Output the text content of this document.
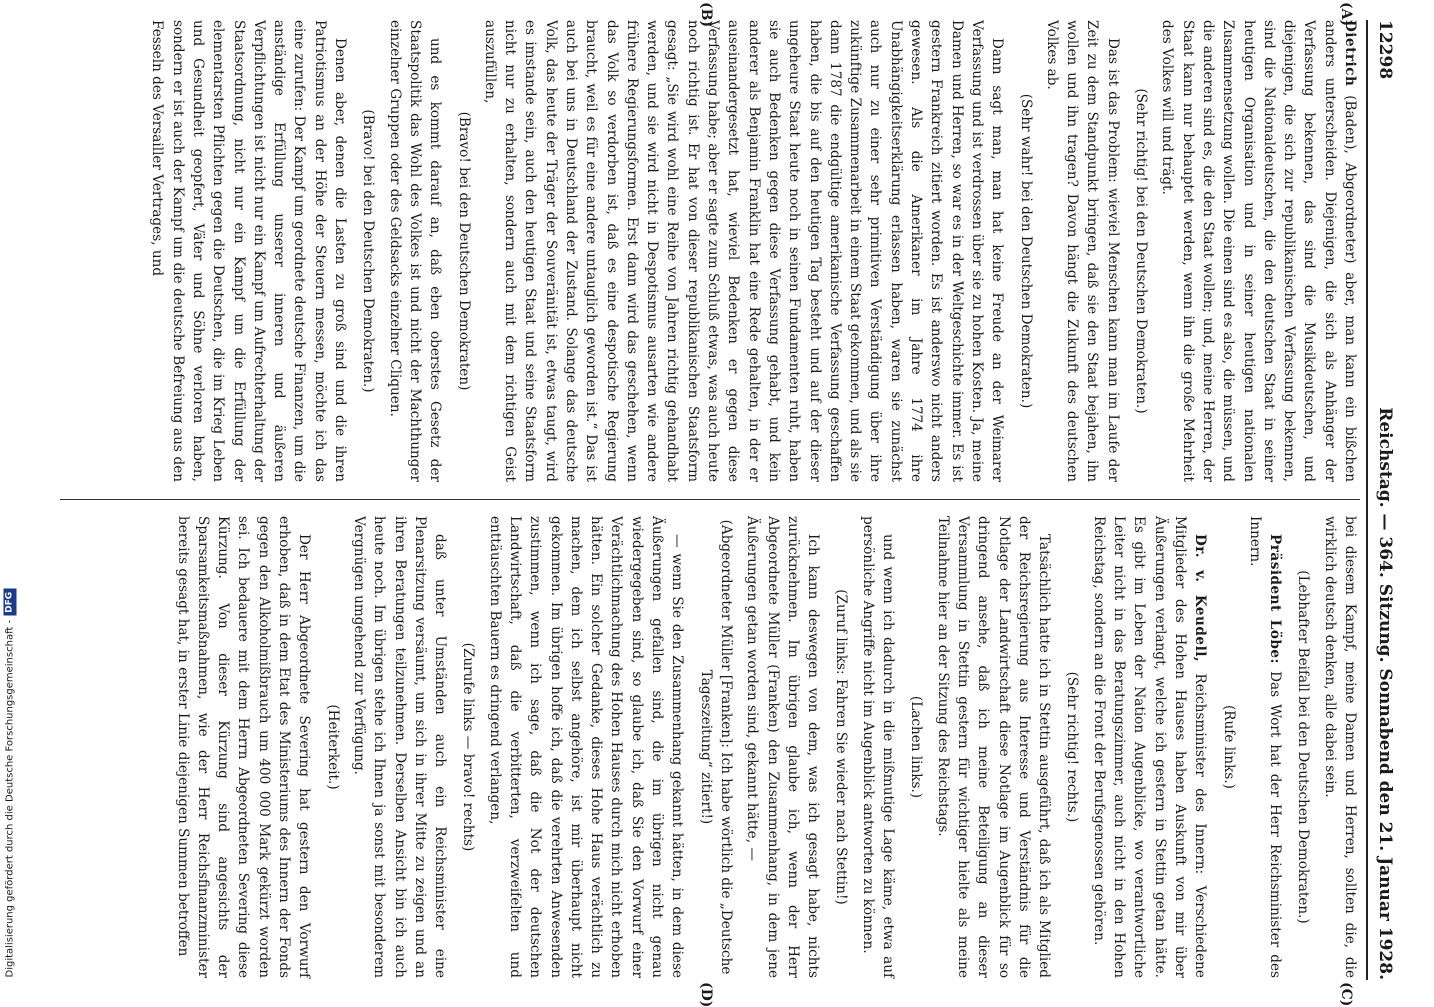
Digitalisierung gefördert durch die Deutsche Forschungsgemeinschaft -
DFG
12298
Reichstag. — 364. Sitzung. Sonnabend den 21. Januar 1928.
(A)
(B)
(C)
(D)

Dietrich (Baden), Abgeordneter) aber, man kann ein bißchen anders unterscheiden. Diejenigen, die sich als Anhänger der Verfassung bekennen, das sind die Musikdeutschen, und diejenigen, die sich zur republikanischen Verfassung bekennen, sind die Nationaldeutschen, die den deutschen Staat in seiner heutigen Organisation und in seiner heutigen nationalen Zusammensetzung wollen. Die einen sind es also, die müssen, und die anderen sind es, die den Staat wollen; und, meine Herren, der Staat kann nur behauptet werden, wenn ihn die große Mehrheit des Volkes will und trägt.

(Sehr richtig! bei den Deutschen Demokraten.)

Das ist das Problem: wieviel Menschen kann man im Laufe der Zeit zu dem Standpunkt bringen, daß sie den Staat bejahen, ihn wollen und ihn tragen? Davon hängt die Zukunft des deutschen Volkes ab.

(Sehr wahr! bei den Deutschen Demokraten.)

Dann sagt man, man hat keine Freude an der Weimarer Verfassung und ist verdrossen über sie zu hohen Kosten. Ja, meine Damen und Herren, so war es in der Weltgeschichte immer. Es ist gestern Frankreich zitiert worden. Es ist anderswo nicht anders gewesen. Als die Amerikaner im Jahre 1774 ihre Unabhängigkeitserklärung erlassen haben, waren sie zunächst auch nur zu einer sehr primitiven Verständigung über ihre zukünftige Zusammenarbeit in einem Staat gekommen, und als sie dann 1787 die endgültige amerikanische Verfassung geschaffen haben, die bis auf den heutigen Tag besteht und auf der dieser ungeheure Staat heute noch in seinen Fundamenten ruht, haben sie auch Bedenken gegen diese Verfassung gehabt, und kein anderer als Benjamin Franklin hat eine Rede gehalten, in der er auseinandergesetzt hat, wieviel Bedenken er gegen diese Verfassung habe; aber er sagte zum Schluß etwas, was auch heute noch richtig ist. Er hat von dieser republikanischen Staatsform gesagt: „Sie wird wohl eine Reihe von Jahren richtig gehandhabt werden, und sie wird nicht in Despotismus ausarten wie andere frühere Regierungsformen. Erst dann wird das geschehen, wenn das Volk so verdorben ist, daß es eine despotische Regierung braucht, weil es für eine andere untauglich geworden ist.“ Das ist auch bei uns in Deutschland der Zustand. Solange das deutsche Volk, das heute der Träger der Souveränität ist, etwas taugt, wird es imstande sein, auch den heutigen Staat und seine Staatsform nicht nur zu erhalten, sondern auch mit dem richtigen Geist auszufüllen,

(Bravo! bei den Deutschen Demokraten)

und es kommt darauf an, daß eben oberstes Gesetz der Staatspolitik das Wohl des Volkes ist und nicht der Machthunger einzelner Gruppen oder des Geldsacks einzelner Cliquen.

(Bravo! bei den Deutschen Demokraten.)

Denen aber, denen die Lasten zu groß sind und die ihren Patriotismus an der Höhe der Steuern messen, möchte ich das eine zurufen: Der Kampf um geordnete deutsche Finanzen, um die anständige Erfüllung unserer inneren und äußeren Verpflichtungen ist nicht nur ein Kampf um Aufrechterhaltung der Staatsordnung, nicht nur ein Kampf um die Erfüllung der elementarsten Pflichten gegen die Deutschen, die im Krieg Leben und Gesundheit geopfert, Väter und Söhne verloren haben, sondern er ist auch der Kampf um die deutsche Befreiung aus den Fesseln des Versailler Vertrages, und

bei diesem Kampf, meine Damen und Herren, sollten die, die wirklich deutsch denken, alle dabei sein.

(Lebhafter Beifall bei den Deutschen Demokraten.)

Präsident Löbe: Das Wort hat der Herr Reichsminister des Innern.

(Rufe links.)

Dr. v. Keudell, Reichsminister des Innern: Verschiedene Mitglieder des Hohen Hauses haben Auskunft von mir über Äußerungen verlangt, welche ich gestern in Stettin getan hätte. Es gibt im Leben der Nation Augenblicke, wo verantwortliche Leiter nicht in das Beratungszimmer, auch nicht in den Hohen Reichstag, sondern an die Front der Berufsgenossen gehören.

(Sehr richtig! rechts.)

Tatsächlich hatte ich in Stettin ausgeführt, daß ich als Mitglied der Reichsregierung aus Interesse und Verständnis für die Notlage der Landwirtschaft diese Notlage im Augenblick für so dringend ansehe, daß ich meine Beteiligung an dieser Versammlung in Stettin gestern für wichtiger hielte als meine Teilnahme hier an der Sitzung des Reichstags.

(Lachen links.)

und wenn ich dadurch in die mißmutige Lage käme, etwa auf persönliche Angriffe nicht im Augenblick antworten zu können.

(Zuruf links: Fahren Sie wieder nach Stettin!)

Ich kann deswegen von dem, was ich gesagt habe, nichts zurücknehmen. Im übrigen glaube ich, wenn der Herr Abgeordnete Müller (Franken) den Zusammenhang, in dem jene Äußerungen getan worden sind, gekannt hätte, —

(Abgeordneter Müller [Franken]: Ich habe wörtlich die „Deutsche Tageszeitung“ zitiert!)

— wenn Sie den Zusammenhang gekannt hätten, in dem diese Äußerungen gefallen sind, die im übrigen nicht genau wiedergegeben sind, so glaube ich, daß Sie den Vorwurf einer Verächtlichmachung des Hohen Hauses durch mich nicht erhoben hätten. Ein solcher Gedanke, dieses Hohe Haus verächtlich zu machen, dem ich selbst angehöre, ist mir überhaupt nicht gekommen. Im übrigen hoffe ich, daß die verehrten Anwesenden zustimmen, wenn ich sage, daß die Not der deutschen Landwirtschaft, daß die verbitterten, verzweifelten und enttäuschten Bauern es dringend verlangen,

(Zurufe links — bravo! rechts)

daß unter Umständen auch ein Reichsminister eine Plenarsitzung versäumt, um sich in ihrer Mitte zu zeigen und an ihren Beratungen teilzunehmen. Derselben Ansicht bin ich auch heute noch. Im übrigen stehe ich Ihnen ja sonst mit besonderem Vergnügen umgehend zur Verfügung.

(Heiterkeit.)

Der Herr Abgeordnete Severing hat gestern den Vorwurf erhoben, daß in dem Etat des Ministeriums des Innern der Fonds gegen den Alkoholmißbrauch um 400 000 Mark gekürzt worden sei. Ich bedauere mit dem Herrn Abgeordneten Severing diese Kürzung. Von dieser Kürzung sind angesichts der Sparsamkeitsmaßnahmen, wie der Herr Reichsfinanzminister bereits gesagt hat, in erster Linie diejenigen Summen betroffen
